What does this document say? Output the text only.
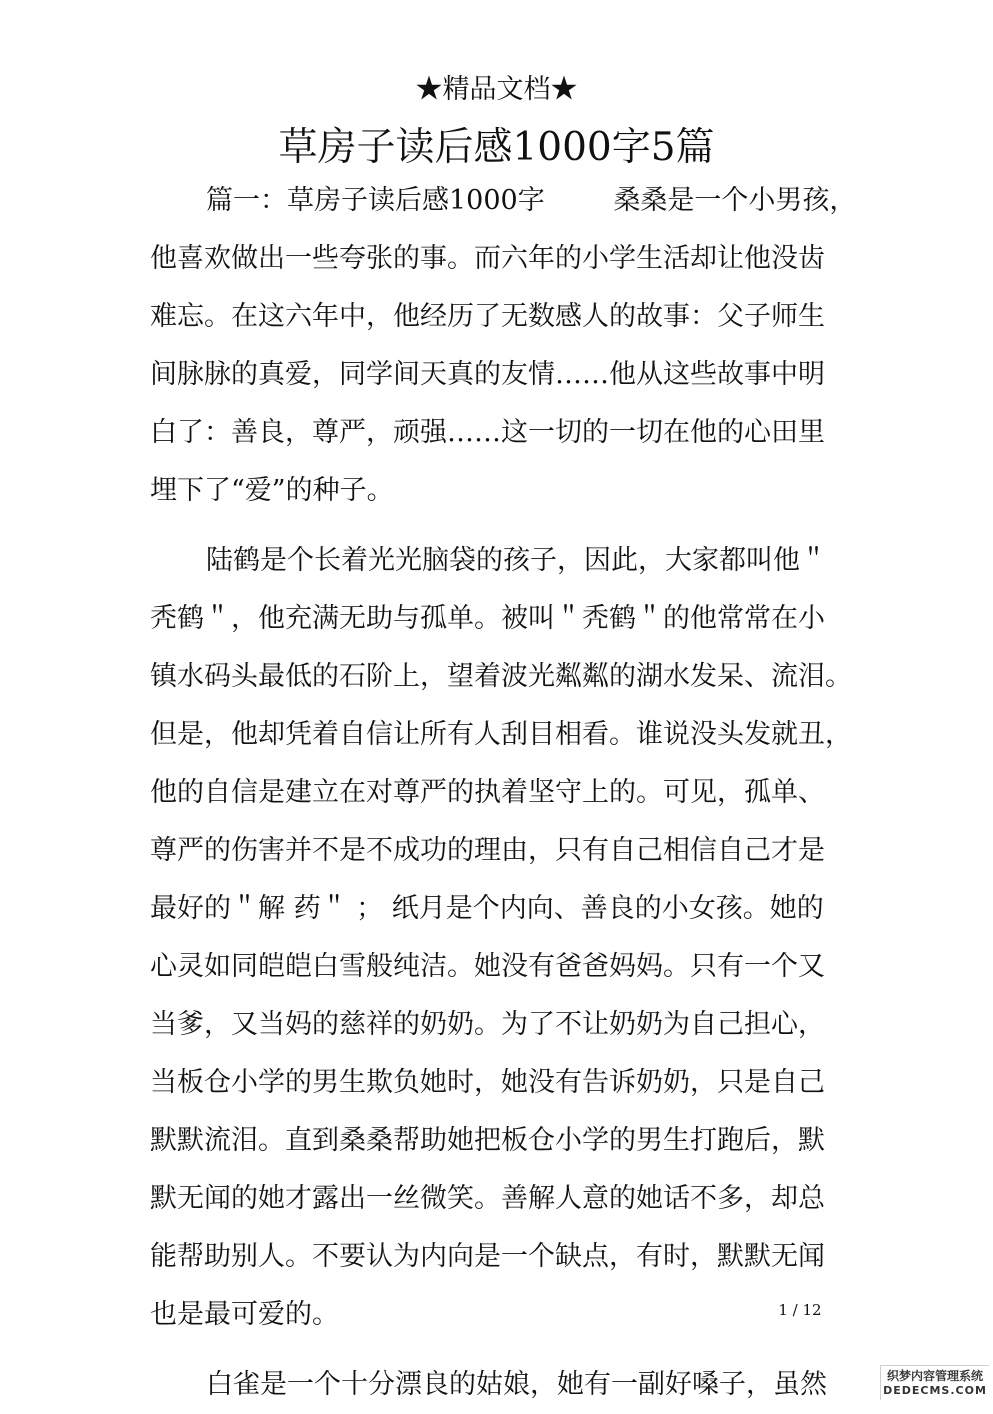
★精品文档★
草房子读后感1000字5篇
篇一：草房子读后感1000字        桑桑是一个小男孩，
他喜欢做出一些夸张的事。而六年的小学生活却让他没齿
难忘。在这六年中，他经历了无数感人的故事：父子师生
间脉脉的真爱，同学间天真的友情……他从这些故事中明
白了：善良，尊严，顽强……这一切的一切在他的心田里
埋下了“爱”的种子。
陆鹤是个长着光光脑袋的孩子，因此，大家都叫他＂
秃鹤＂，他充满无助与孤单。被叫＂秃鹤＂的他常常在小
镇水码头最低的石阶上，望着波光粼粼的湖水发呆、流泪。
但是，他却凭着自信让所有人刮目相看。谁说没头发就丑，
他的自信是建立在对尊严的执着坚守上的。可见，孤单、
尊严的伤害并不是不成功的理由，只有自己相信自己才是
最好的＂解 药＂ ； 纸月是个内向、善良的小女孩。她的
心灵如同皑皑白雪般纯洁。她没有爸爸妈妈。只有一个又
当爹，又当妈的慈祥的奶奶。为了不让奶奶为自己担心，
当板仓小学的男生欺负她时，她没有告诉奶奶，只是自己
默默流泪。直到桑桑帮助她把板仓小学的男生打跑后，默
默无闻的她才露出一丝微笑。善解人意的她话不多，却总
能帮助别人。不要认为内向是一个缺点，有时，默默无闻
也是最可爱的。
白雀是一个十分漂良的姑娘，她有一副好嗓子，虽然
1 / 12
织梦内容管理系统
DEDECMS.COM
